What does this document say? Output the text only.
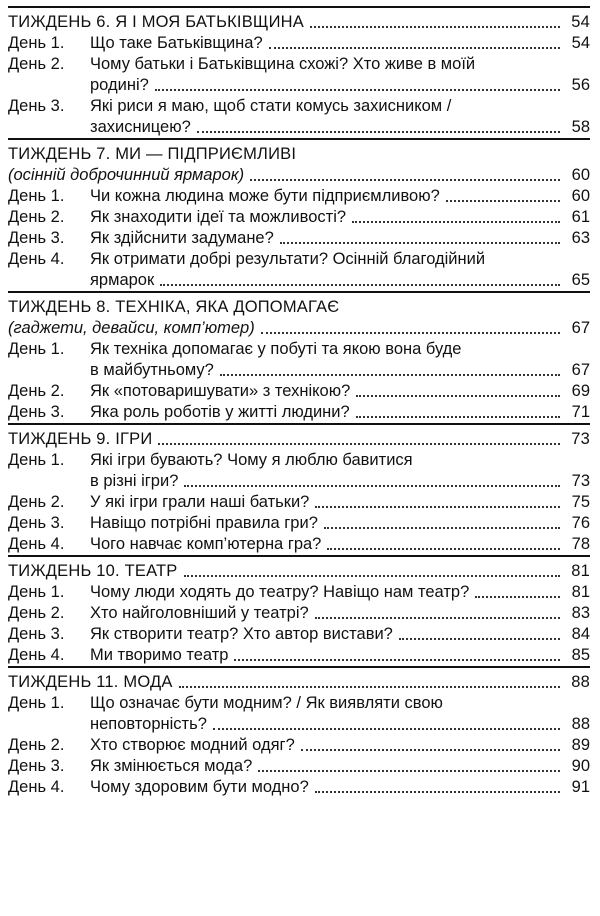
ТИЖДЕНЬ 6. Я І МОЯ БАТЬКІВЩИНА	54
День 1.	Що таке Батьківщина?	54
День 2.	Чому батьки і Батьківщина схожі? Хто живе в моїй
родині?	56
День 3.	Які риси я маю, щоб стати комусь захисником /
захисницею?	58
ТИЖДЕНЬ 7. МИ — ПІДПРИЄМЛИВІ
(осінній доброчинний ярмарок)	60
День 1.	Чи кожна людина може бути підприємливою?	60
День 2.	Як знаходити ідеї та можливості?	61
День 3.	Як здійснити задумане?	63
День 4.	Як отримати добрі результати? Осінній благодійний
ярмарок	65
ТИЖДЕНЬ 8. ТЕХНІКА, ЯКА ДОПОМАГАЄ
(гаджети, девайси, комп’ютер)	67
День 1.	Як техніка допомагає у побуті та якою вона буде
в майбутньому?	67
День 2.	Як «потоваришувати» з технікою?	69
День 3.	Яка роль роботів у житті людини?	71
ТИЖДЕНЬ 9. ІГРИ	73
День 1.	Які ігри бувають? Чому я люблю бавитися
в різні ігри?	73
День 2.	У які ігри грали наші батьки?	75
День 3.	Навіщо потрібні правила гри?	76
День 4.	Чого навчає комп’ютерна гра?	78
ТИЖДЕНЬ 10. ТЕАТР	81
День 1.	Чому люди ходять до театру? Навіщо нам театр?	81
День 2.	Хто найголовніший у театрі?	83
День 3.	Як створити театр? Хто автор вистави?	84
День 4.	Ми творимо театр	85
ТИЖДЕНЬ 11. МОДА	88
День 1.	Що означає бути модним? / Як виявляти свою
неповторність?	88
День 2.	Хто створює модний одяг?	89
День 3.	Як змінюється мода?	90
День 4.	Чому здоровим бути модно?	91
